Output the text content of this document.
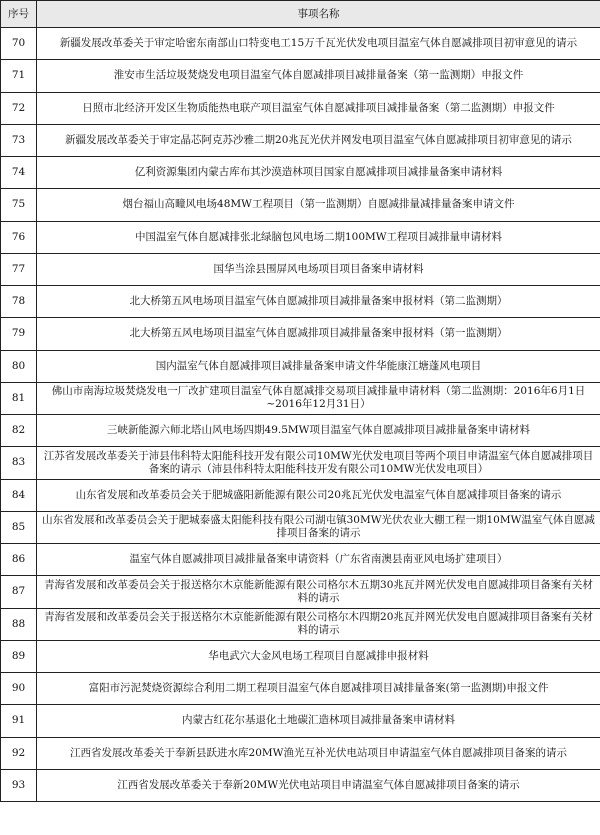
序号	事项名称
70	新疆发展改革委关于审定哈密东南部山口特变电工15万千瓦光伏发电项目温室气体自愿减排项目初审意见的请示
71	淮安市生活垃圾焚烧发电项目温室气体自愿减排项目减排量备案（第一监测期）申报文件
72	日照市北经济开发区生物质能热电联产项目温室气体自愿减排项目减排量备案（第二监测期）申报文件
73	新疆发展改革委关于审定晶芯阿克苏沙雅二期20兆瓦光伏并网发电项目温室气体自愿减排项目初审意见的请示
74	亿利资源集团内蒙古库布其沙漠造林项目国家自愿减排项目减排量备案申请材料
75	烟台福山高疃风电场48MW工程项目（第一监测期）自愿减排量减排量备案申请文件
76	中国温室气体自愿减排张北绿脑包风电场二期100MW工程项目减排量申请材料
77	国华当涂县围屏风电场项目项目备案申请材料
78	北大桥第五风电场项目温室气体自愿减排项目减排量备案申报材料（第二监测期）
79	北大桥第五风电场项目温室气体自愿减排项目减排量备案申报材料（第一监测期）
80	国内温室气体自愿减排项目减排量备案申请文件华能康江塘蓬风电项目
81	佛山市南海垃圾焚烧发电一厂改扩建项目温室气体自愿减排交易项目减排量申请材料（第二监测期：2016年6月1日~2016年12月31日）
82	三峡新能源六师北塔山风电场四期49.5MW项目温室气体自愿减排项目减排量备案申请材料
83	江苏省发展改革委关于沛县伟科特太阳能科技开发有限公司10MW光伏发电项目等两个项目申请温室气体自愿减排项目备案的请示（沛县伟科特太阳能科技开发有限公司10MW光伏发电项目）
84	山东省发展和改革委员会关于肥城盛阳新能源有限公司20兆瓦光伏发电温室气体自愿减排项目备案的请示
85	山东省发展和改革委员会关于肥城泰盛太阳能科技有限公司湖屯镇30MW光伏农业大棚工程一期10MW温室气体自愿减排项目备案的请示
86	温室气体自愿减排项目减排量备案申请资料（广东省南澳县南亚风电场扩建项目）
87	青海省发展和改革委员会关于报送格尔木京能新能源有限公司格尔木五期30兆瓦并网光伏发电自愿减排项目备案有关材料的请示
88	青海省发展和改革委员会关于报送格尔木京能新能源有限公司格尔木四期20兆瓦并网光伏发电自愿减排项目备案有关材料的请示
89	华电武穴大金风电场工程项目自愿减排申报材料
90	富阳市污泥焚烧资源综合利用二期工程项目温室气体自愿减排项目减排量备案(第一监测期)申报文件
91	内蒙古红花尔基退化土地碳汇造林项目减排量备案申请材料
92	江西省发展改革委关于奉新县跃进水库20MW渔光互补光伏电站项目申请温室气体自愿减排项目备案的请示
93	江西省发展改革委关于奉新20MW光伏电站项目申请温室气体自愿减排项目备案的请示
